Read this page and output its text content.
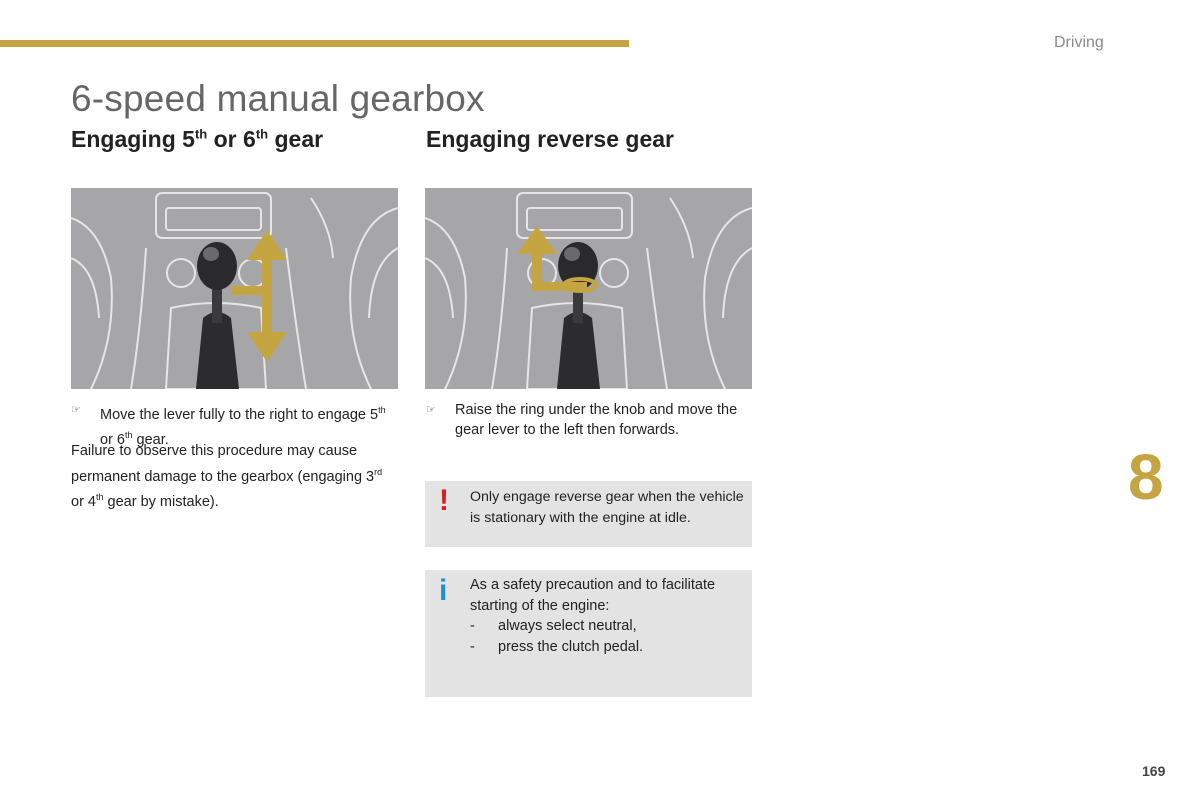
Driving
6-speed manual gearbox
Engaging 5th or 6th gear	Engaging reverse gear
☞	Move the lever fully to the right to engage 5th or 6th gear.
Failure to observe this procedure may cause permanent damage to the gearbox (engaging 3rd or 4th gear by mistake).
☞	Raise the ring under the knob and move the gear lever to the left then forwards.
! Only engage reverse gear when the vehicle is stationary with the engine at idle.
i As a safety precaution and to facilitate starting of the engine:
- always select neutral,
- press the clutch pedal.
8
169
